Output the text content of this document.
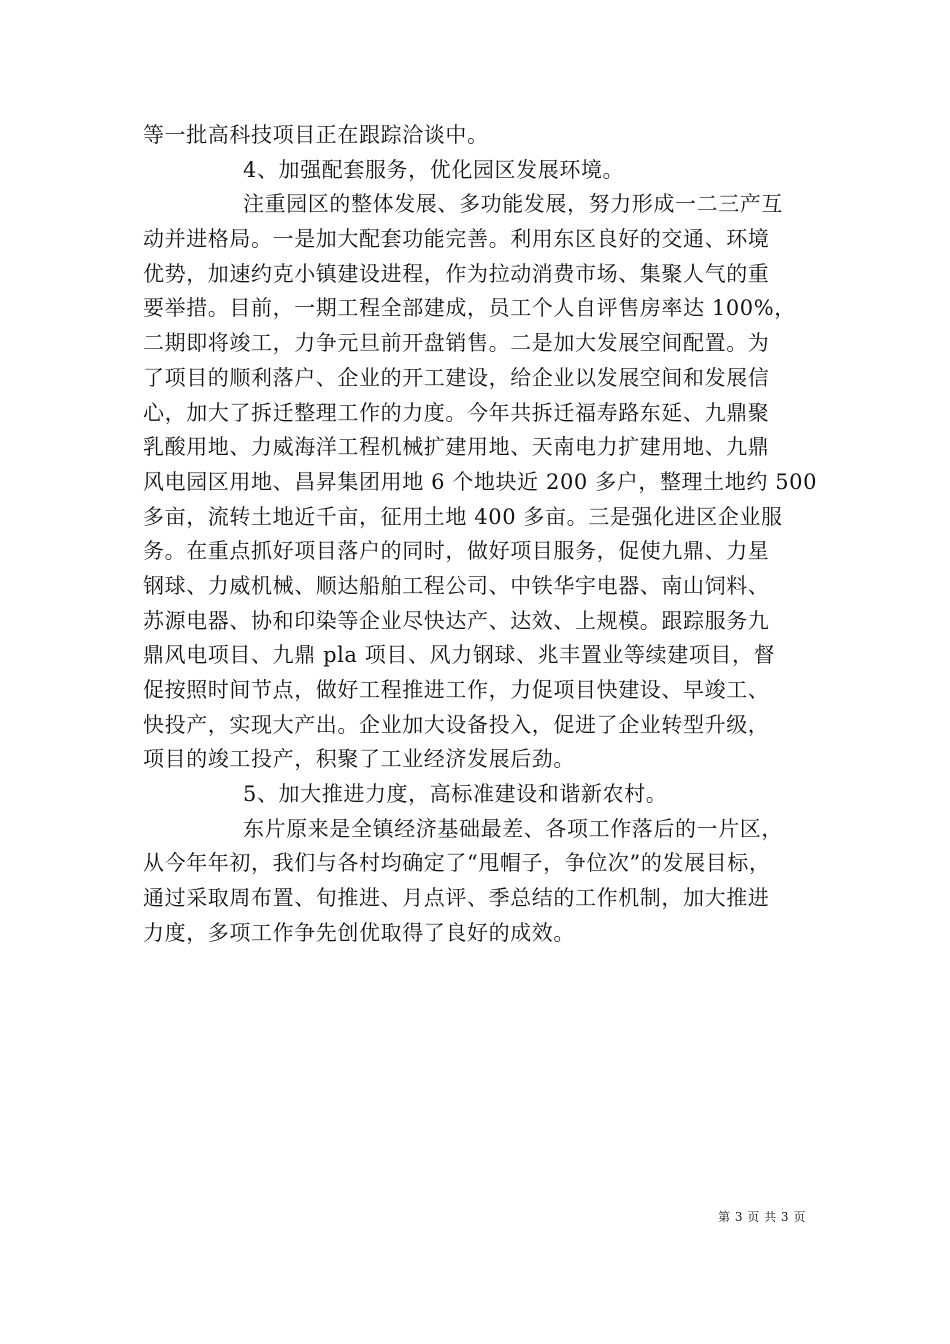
等一批高科技项目正在跟踪洽谈中。
4、加强配套服务，优化园区发展环境。
注重园区的整体发展、多功能发展，努力形成一二三产互
动并进格局。一是加大配套功能完善。利用东区良好的交通、环境
优势，加速约克小镇建设进程，作为拉动消费市场、集聚人气的重
要举措。目前，一期工程全部建成，员工个人自评售房率达 100%，
二期即将竣工，力争元旦前开盘销售。二是加大发展空间配置。为
了项目的顺利落户、企业的开工建设，给企业以发展空间和发展信
心，加大了拆迁整理工作的力度。今年共拆迁福寿路东延、九鼎聚
乳酸用地、力威海洋工程机械扩建用地、天南电力扩建用地、九鼎
风电园区用地、昌昇集团用地 6 个地块近 200 多户，整理土地约 500
多亩，流转土地近千亩，征用土地 400 多亩。三是强化进区企业服
务。在重点抓好项目落户的同时，做好项目服务，促使九鼎、力星
钢球、力威机械、顺达船舶工程公司、中铁华宇电器、南山饲料、
苏源电器、协和印染等企业尽快达产、达效、上规模。跟踪服务九
鼎风电项目、九鼎 pla 项目、风力钢球、兆丰置业等续建项目，督
促按照时间节点，做好工程推进工作，力促项目快建设、早竣工、
快投产，实现大产出。企业加大设备投入，促进了企业转型升级，
项目的竣工投产，积聚了工业经济发展后劲。
5、加大推进力度，高标准建设和谐新农村。
东片原来是全镇经济基础最差、各项工作落后的一片区，
从今年年初，我们与各村均确定了“甩帽子，争位次”的发展目标，
通过采取周布置、旬推进、月点评、季总结的工作机制，加大推进
力度，多项工作争先创优取得了良好的成效。
第 3 页 共 3 页
